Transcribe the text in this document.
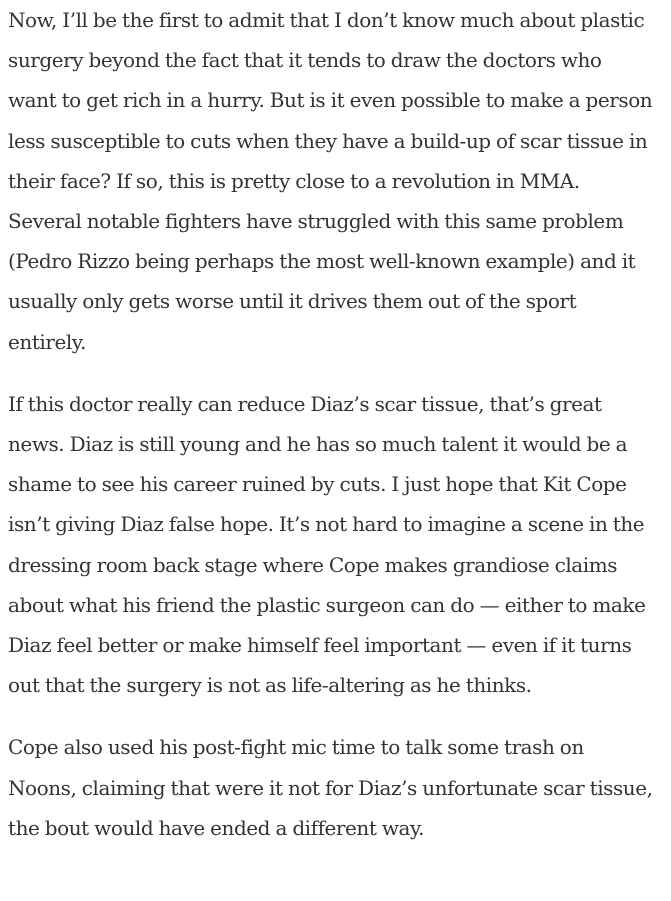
Now, I’ll be the first to admit that I don’t know much about plastic surgery beyond the fact that it tends to draw the doctors who want to get rich in a hurry. But is it even possible to make a person less susceptible to cuts when they have a build-up of scar tissue in their face? If so, this is pretty close to a revolution in MMA. Several notable fighters have struggled with this same problem (Pedro Rizzo being perhaps the most well-known example) and it usually only gets worse until it drives them out of the sport entirely.

If this doctor really can reduce Diaz’s scar tissue, that’s great news. Diaz is still young and he has so much talent it would be a shame to see his career ruined by cuts. I just hope that Kit Cope isn’t giving Diaz false hope. It’s not hard to imagine a scene in the dressing room back stage where Cope makes grandiose claims about what his friend the plastic surgeon can do — either to make Diaz feel better or make himself feel important — even if it turns out that the surgery is not as life-altering as he thinks.

Cope also used his post-fight mic time to talk some trash on Noons, claiming that were it not for Diaz’s unfortunate scar tissue, the bout would have ended a different way.
